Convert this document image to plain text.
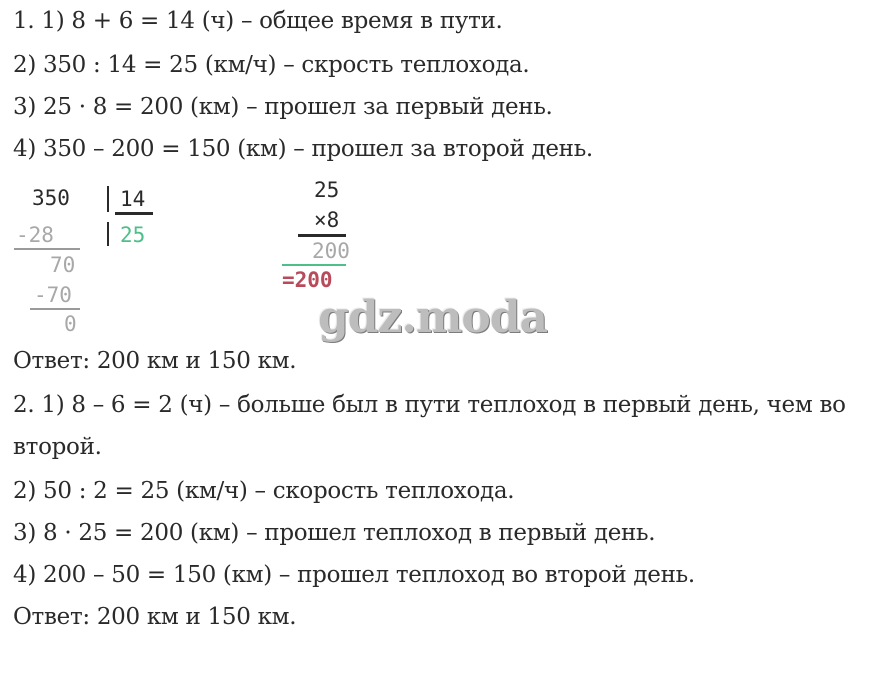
1. 1) 8 + 6 = 14 (ч) – общее время в пути.
2) 350 : 14 = 25 (км/ч) – скрость теплохода.
3) 25 · 8 = 200 (км) – прошел за первый день.
4) 350 – 200 = 150 (км) – прошел за второй день.
350 14
25
-28
70
-70
0
25
×8
200
=200
gdz.moda
Ответ: 200 км и 150 км.
2. 1) 8 – 6 = 2 (ч) – больше был в пути теплоход в первый день, чем во
второй.
2) 50 : 2 = 25 (км/ч) – скорость теплохода.
3) 8 · 25 = 200 (км) – прошел теплоход в первый день.
4) 200 – 50 = 150 (км) – прошел теплоход во второй день.
Ответ: 200 км и 150 км.
